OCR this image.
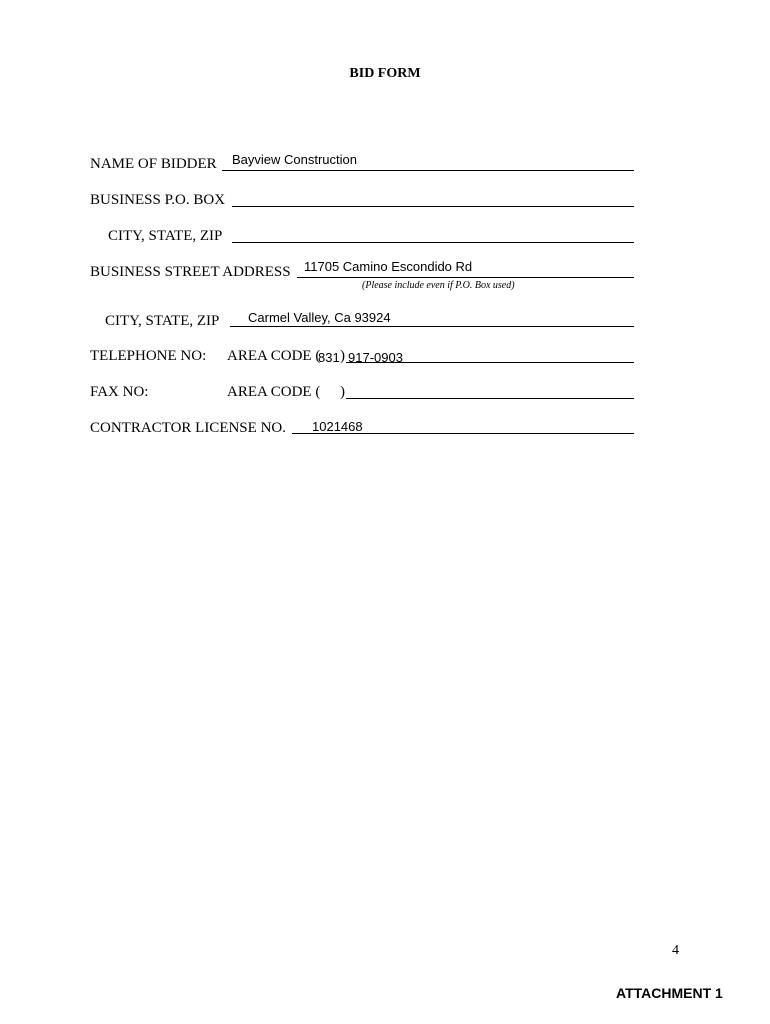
BID FORM
NAME OF BIDDER Bayview Construction
BUSINESS P.O. BOX
CITY, STATE, ZIP
BUSINESS STREET ADDRESS 11705 Camino Escondido Rd
(Please include even if P.O. Box used)
CITY, STATE, ZIP Carmel Valley, Ca 93924
TELEPHONE NO: AREA CODE (
831 ) 917-0903
FAX NO:	AREA CODE ( )
CONTRACTOR LICENSE NO. 1021468
4
ATTACHMENT 1
